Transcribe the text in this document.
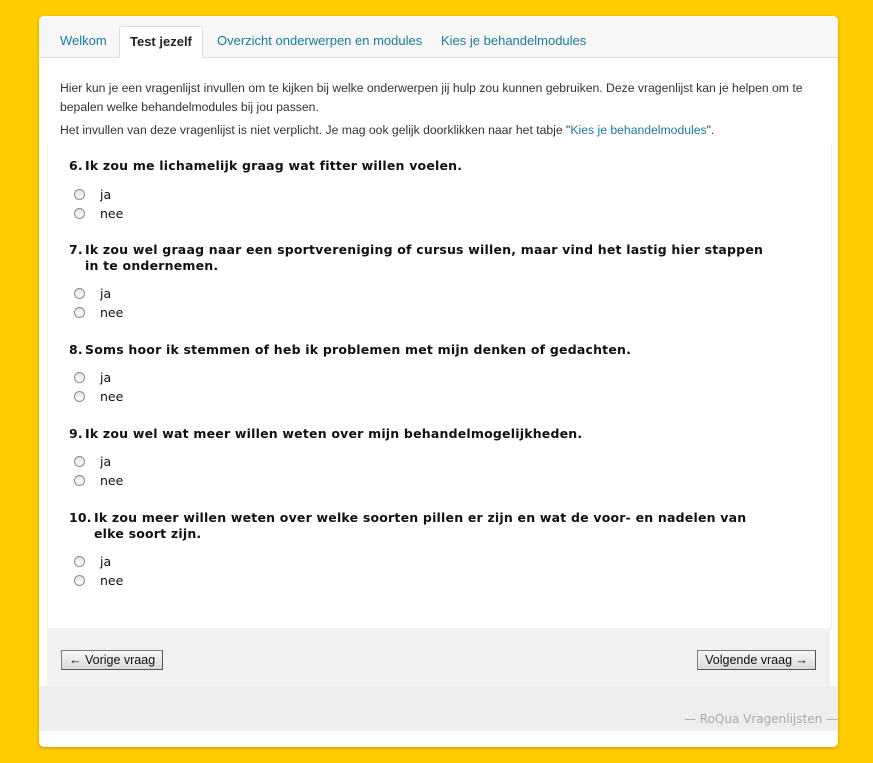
Welkom	Test jezelf	Overzicht onderwerpen en modules	Kies je behandelmodules

Hier kun je een vragenlijst invullen om te kijken bij welke onderwerpen jij hulp zou kunnen gebruiken. Deze vragenlijst kan je helpen om te bepalen welke behandelmodules bij jou passen.

Het invullen van deze vragenlijst is niet verplicht. Je mag ook gelijk doorklikken naar het tabje "Kies je behandelmodules".

6. Ik zou me lichamelijk graag wat fitter willen voelen.
ja
nee
7. Ik zou wel graag naar een sportvereniging of cursus willen, maar vind het lastig hier stappen
in te ondernemen.
ja
nee
8. Soms hoor ik stemmen of heb ik problemen met mijn denken of gedachten.
ja
nee
9. Ik zou wel wat meer willen weten over mijn behandelmogelijkheden.
ja
nee
10. Ik zou meer willen weten over welke soorten pillen er zijn en wat de voor- en nadelen van
elke soort zijn.
ja
nee
← Vorige vraag	Volgende vraag →
— RoQua Vragenlijsten —
